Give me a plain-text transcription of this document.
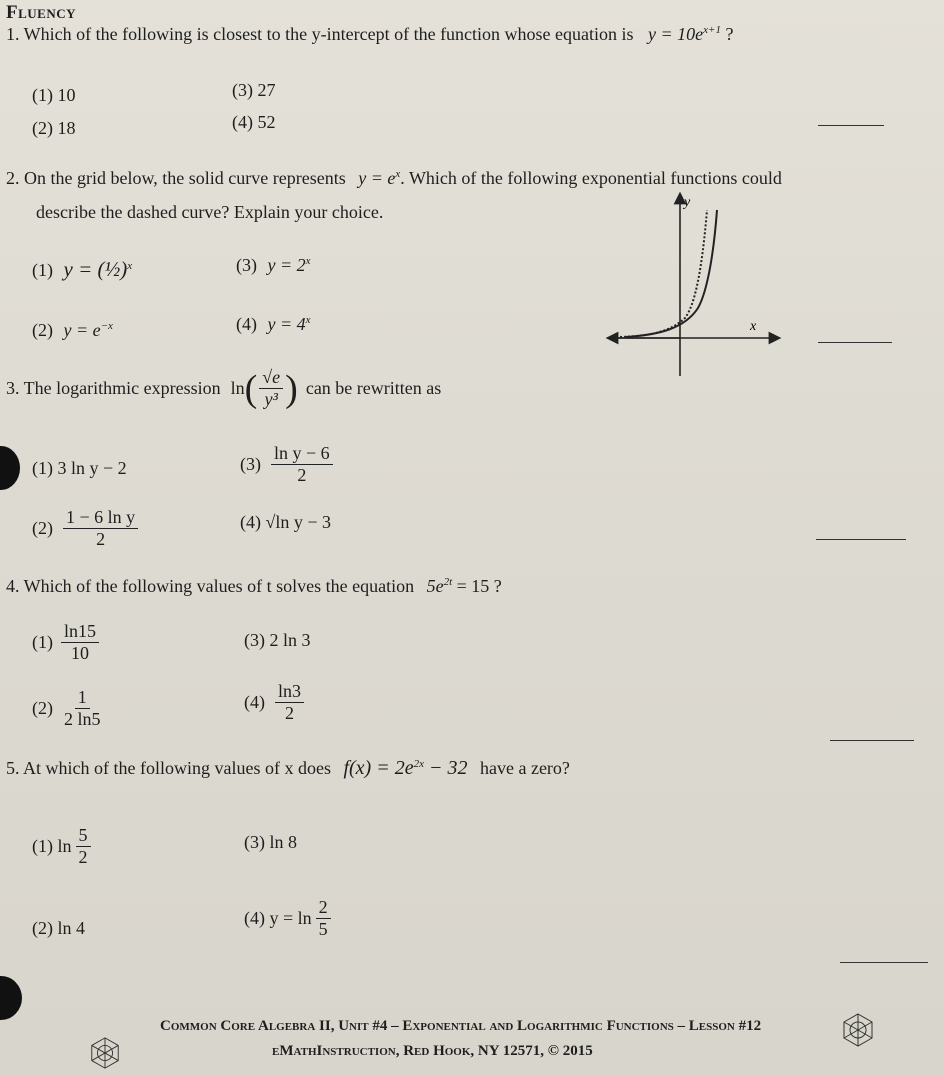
Fluency
1. Which of the following is closest to the y-intercept of the function whose equation is $y = 10e^{x+1}$ ?
(1) 10	(3) 27
(2) 18	(4) 52
2. On the grid below, the solid curve represents $y = e^x$. Which of the following exponential functions could
describe the dashed curve? Explain your choice.
(1) y = (½)$^x$	(3) $y = 2^x$
(2) $y = e^{-x}$	(4) $y = 4^x$
y
x
3. The logarithmic expression ln ( $\frac{√e}{\text{y³}}$ ) can be rewritten as
(1) 3 ln y − 2	$(3) \frac{\text{ln y − 6}}{2}$
$(2) \frac{\text{1 − 6 ln y}}{2}$	(4) √ln y − 3
4. Which of the following values of t solves the equation $5e^{2t} = 15$ ?
$(1) \frac{\ln 15}{10}$	(3) 2 ln 3
$(2) \frac{1}{2 \ln 5}$	$(4) \frac{\ln 3}{2}$
5. At which of the following values of x does $f(x) = 2e^{2x} - 32$ have a zero?
(1) $\ln \frac{5}{2}$	(3) ln 8
(2) ln 4	(4) $y = \ln \frac{2}{5}$
Common Core Algebra II, Unit #4 – Exponential and Logarithmic Functions – Lesson #12
eMathInstruction, Red Hook, NY 12571, © 2015
